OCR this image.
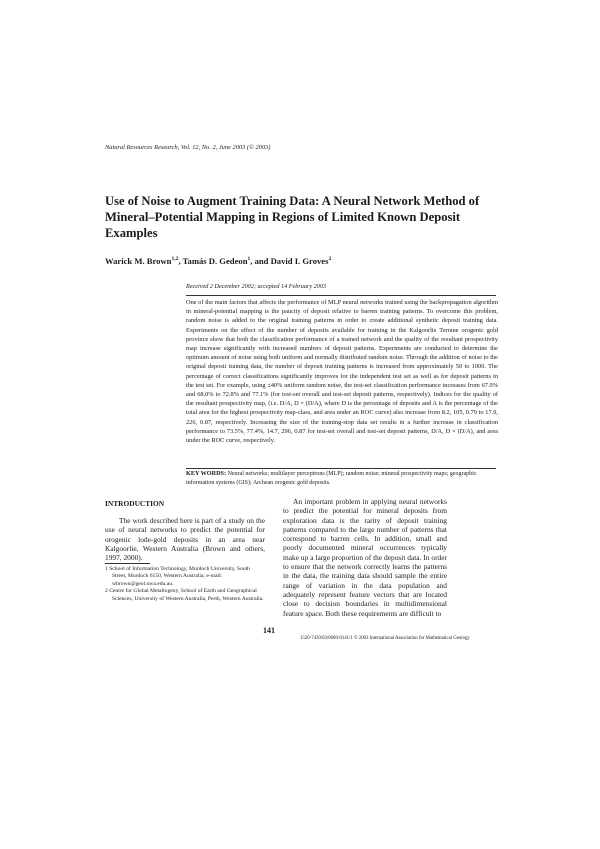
Natural Resources Research, Vol. 12, No. 2, June 2003 (© 2003)
Use of Noise to Augment Training Data: A Neural Network Method of Mineral–Potential Mapping in Regions of Limited Known Deposit Examples
Warick M. Brown$^{1,2}$, Tamás D. Gedeon$^1$, and David I. Groves$^2$
Received 2 December 2002; accepted 14 February 2003
One of the main factors that affects the performance of MLP neural networks trained using the backpropagation algorithm in mineral-potential mapping is the paucity of deposit relative to barren training patterns. To overcome this problem, random noise is added to the original training patterns in order to create additional synthetic deposit training data. Experiments on the effect of the number of deposits available for training in the Kalgoorlie Terrane orogenic gold province show that both the classification performance of a trained network and the quality of the resultant prospectivity map increase significantly with increased numbers of deposit patterns. Experiments are conducted to determine the optimum amount of noise using both uniform and normally distributed random noise. Through the addition of noise to the original deposit training data, the number of deposit training patterns is increased from approximately 50 to 1000. The percentage of correct classifications significantly improves for the independent test set as well as for deposit patterns in the test set. For example, using ±40% uniform random noise, the test-set classification performance increases from 67.9% and 68.0% to 72.8% and 77.1% (for test-set overall and test-set deposit patterns, respectively). Indices for the quality of the resultant prospectivity map, (i.e. D/A, D × (D/A), where D is the percentage of deposits and A is the percentage of the total area for the highest prospectivity map-class, and area under an ROC curve) also increase from 8.2, 105, 0.79 to 17.9, 226, 0.87, respectively. Increasing the size of the training-stop data set results in a further increase in classification performance to 73.5%, 77.4%, 14.7, 296, 0.87 for test-set overall and test-set deposit patterns, D/A, D × (D/A), and area under the ROC curve, respectively.
KEY WORDS: Neural networks; multilayer perceptrons (MLP); random noise; mineral prospectivity maps; geographic information systems (GIS); Archean orogenic gold deposits.
INTRODUCTION

The work described here is part of a study on the use of neural networks to predict the potential for orogenic lode-gold deposits in an area near Kalgoorlie, Western Australia (Brown and others, 1997, 2000).

1 School of Information Technology, Murdoch University, South Street, Murdoch 6150, Western Australia; e-mail: wbrown@geol.uwa.edu.au.

2 Centre for Global Metallogeny, School of Earth and Geographical Sciences, University of Western Australia, Perth, Western Australia.

An important problem in applying neural networks to predict the potential for mineral deposits from exploration data is the rarity of deposit training patterns compared to the large number of patterns that correspond to barren cells. In addition, small and poorly documented mineral occurrences typically make up a large proportion of the deposit data. In order to ensure that the network correctly learns the patterns in the data, the training data should sample the entire range of variation in the data population and adequately represent feature vectors that are located close to decision boundaries in multidimensional feature space. Both these requirements are difficult to

141
1520-7439/03/0600-0141/1 © 2003 International Association for Mathematical Geology
